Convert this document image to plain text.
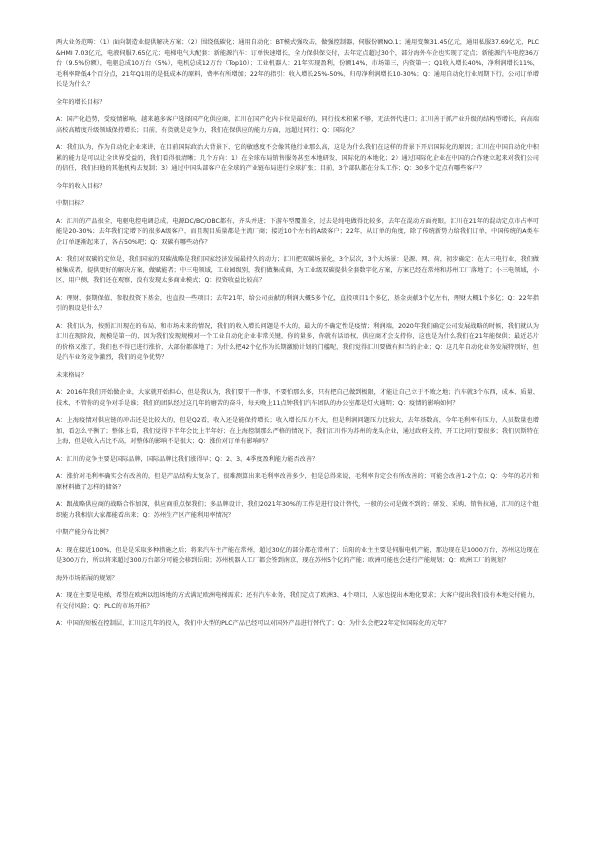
两大业务范畴：（1）面向制造业提供解决方案；（2）围绕低碳化；通用自动化：BT模式强攻击，做强控制器，伺服份额NO.1；通用变频31.45亿元，通用私服37.69亿元，PLC&HMI 7.03亿元，电液伺服7.65亿元；电梯电气大配套：新能源汽车：订单快速增长，全力保供保交付，去年定点超过30个，部分海外车企也实现了定点；新能源汽车电控36万台（9.5%份额），电驱总成10万台（5%），电机总成12万台（Top10）；工业机器人：21年实现盈利，份额14%，市场第三，内资第一；Q1收入增长40%，净利润增长11%，毛利率降低4个百分点，21年Q1用的是低成本的原料，费率有所增加；22年的指引：收入增长25%-50%，归母净利润增长10-30%；Q：通用自动化行业周期下行，公司订单增长是为什么？

全年的增长目标？

A：国产化趋势，受疫情影响，越来越多客户选择国产化供应商，汇川在国产化内卡位是最好的，同行技术积累不够，无法替代进口；汇川善于抓产业升级的结构型增长，向高端高校高精度升级领域保持增长；目前，有货就是竞争力，我们在保供应的能力方面，远超过同行；Q：国际化？

A：我们认为，作为自动化企业来讲，在目前国际政治大背景下，它的敏感度不会像其他行业那么高，这是为什么我们在这样的背景下开启国际化的原因；汇川在中国自动化中积累的能力是可以让全世界受益的，我们看得很清晰；几个方向：1）在全球布局销售服务甚至本地研发，国际化的本地化；2）通过国际化企业在中国的合作建立起来对我们公司的信任，我们扫他的其他机构去复制；3）通过中国头部客户在全球的产业链布局进行全球扩张；目前，3个部队都在分头工作；Q：30多个定点有哪些客户？

今年的收入目标？

中期目标？

A：汇川的产品很全，电驱电控电调总成，电源DC/BC/OBC都有，齐头并进；下游车型覆盖全，过去是纯电做得比较多，去年在混动方面亮眼，汇川在21年的混动定点市占率可能是20-30%；去年我们定增下的很多A级客户，而且现目质量都是主流厂商；接近10个左右的A级客户；22年，从订单的角度，除了传统新势力给我们订单，中国传统的A类车企订单逐渐起来了，各占50%吧；Q：双碳有哪些动作？

A：我们对双碳的定位是，我们国家的双碳战略是我们国家经济发展最持久的动力；汇川把双碳场景化，3个层次，3个大场景：是源、网、荷，初步确定：在大三电行业，我们做被集成者，提供更好的解决方案，做赋能者；中三电领域，工业园级别，我们做集成商，为工业级双碳提供全套数字化方案，方案已经在常州和苏州工厂落地了；小三电领域，小区、用户侧，我们还在观察，没有发现太多商业模式；Q：投资收益比较高？

A：理财、套期保值、参股投资下基金，也直投一些项目；去年21年，给公司贡献的利润大概5多个亿，直投项目1个多亿，基金贡献3个亿左右，理财大概1个多亿；Q：22年指引的假设是什么？

A：我们认为，按照汇川现在的布局，和市场未来的情况，我们的收入增长问题是不大的，最大的不确定性是疫情；利润端，2020年我们确定公司发展战略的时候，我们就认为汇川在现阶段，规模是第一的，因为我们发现规模对一个工业自动化企业非常关键，你的量多，你就有话语权，供应商才会支持你，这也是为什么我们在21年能保供；最近芯片的价格又涨了，我们也不得已进行涨价，大部份都落地了；为什么把42个亿作为长期激励计划的门槛呢，我们觉得汇川要做有担当的企业；Q：这几年自动化业务发展特别好，但是汽车业务竞争激烈，我们的竞争优势？

未来格局？

A：2016年我们开始做企业，大家就开始担心，但是我认为，我们要干一件事，不要怕那么多，只有把自己做到极限，才能让自己立于不败之地；汽车就3个东西，成本、质量、技术，不管你的竞争对手是谁；我们的团队经过这几年的磨苦的奋斗，每天晚上11点钟我们汽车团队的办公室都是灯火通明；Q：疫情的影响如何？

A：上海疫情对供应链的冲击还是比较大的，但是Q2看，收入还是能保持增长；收入增长压力不大，但是利润问题压力比较大，去年基数高，今年毛利率有压力，人员数量也增加，看怎么平衡了；整体上看，我们觉得下半年会比上半年好；在上海控制那么严格的情况下，我们汇川作为苏州的龙头企业，通过政府支持，开工比同行要很多；我们贝斯特在上海，但是收入占比不高，对整体的影响不是很大；Q：涨价对订单有影响吗？

A：汇川的竞争主要是国际品牌，国际品牌比我们涨得早；Q：2、3、4季度盈利能力能否改善？

A：涨价对毛利率确实会有改善的，但是产品结构太复杂了，很难测算出来毛利率改善多少，但是总得来说，毛利率肯定会有所改善的；可能会改善1-2个点；Q：今年的芯片和原材料做了怎样的储备？

A：跟战略供应商的战略合作加深，供应商重点保我们；多品牌设计，我们2021年30%的工作是进行设计替代，一般的公司是做不到的；研发、采购、销售拉通，汇川的这个组织能力我相信大家都能看出来；Q：苏州生产区产能利用率情况？

中期产能分布比例？

A：现在接近100%，但是是采取多种措施之后；将来汽车主产能在常州，超过30亿的部分都在常州了；岳阳的业主主要是伺服电机产能，那边现在是1000万台，苏州这边现在是300万台，所以将来超过300万台部分可能会移到岳阳；苏州机器人工厂都会签到南京，现在苏州5个亿的产能；欧洲可能也会进行产能规划；Q：欧洲工厂的规划？

海外市场拓展的规划？

A：现在主要是电梯，希望在欧洲以纽场地的方式满足欧洲电梯需求；还有汽车业务，我们定点了欧洲3、4个项目，人家也提出本地化要求；大客户提出我们没有本地交付能力，有交付风险；Q：PLC的市场开拓？

A：中国的短板在控制层，汇川这几年的投入，我们中大型的PLC产品已经可以对国外产品进行替代了；Q：为什么会把22年定位国际化的元年？
